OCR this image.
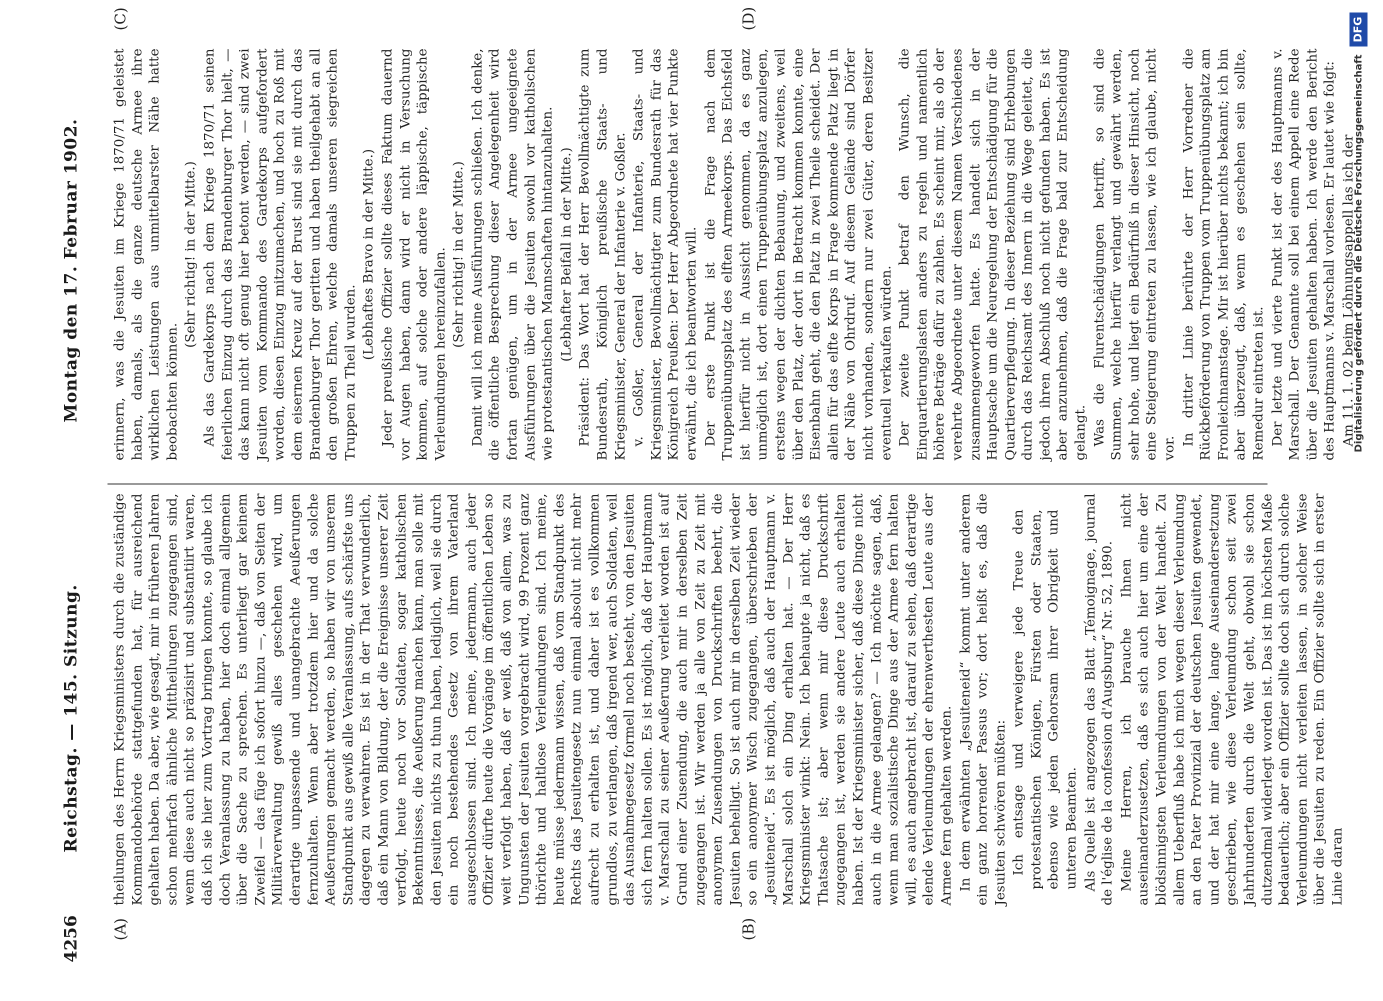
4256
Reichstag. — 145. Sitzung.
Montag den 17. Februar 1902.
(A)	(B)
(C)	(D)

theilungen des Herrn Kriegsministers durch die zuständige Kommandobehörde stattgefunden hat, für ausreichend gehalten haben. Da aber, wie gesagt, mir in früheren Jahren schon mehrfach ähnliche Mittheilungen zugegangen sind, wenn diese auch nicht so präzisirt und substantiirt waren, daß ich sie hier zum Vortrag bringen konnte, so glaube ich doch Veranlassung zu haben, hier doch einmal allgemein über die Sache zu sprechen. Es unterliegt gar keinem Zweifel — das füge ich sofort hinzu —, daß von Seiten der Militärverwaltung gewiß alles geschehen wird, um derartige unpassende und unangebrachte Aeußerungen fernzuhalten. Wenn aber trotzdem hier und da solche Aeußerungen gemacht werden, so haben wir von unserem Standpunkt aus gewiß alle Veranlassung, aufs schärfste uns dagegen zu verwahren. Es ist in der That verwunderlich, daß ein Mann von Bildung, der die Ereignisse unserer Zeit verfolgt, heute noch vor Soldaten, sogar katholischen Bekenntnisses, die Aeußerung machen kann, man solle mit den Jesuiten nichts zu thun haben, lediglich, weil sie durch ein noch bestehendes Gesetz von ihrem Vaterland ausgeschlossen sind. Ich meine, jedermann, auch jeder Offizier dürfte heute die Vorgänge im öffentlichen Leben so weit verfolgt haben, daß er weiß, daß von allem, was zu Ungunsten der Jesuiten vorgebracht wird, 99 Prozent ganz thörichte und haltlose Verleumdungen sind. Ich meine, heute müsse jedermann wissen, daß vom Standpunkt des Rechts das Jesuitengesetz nun einmal absolut nicht mehr aufrecht zu erhalten ist, und daher ist es vollkommen grundlos, zu verlangen, daß irgend wer, auch Soldaten, weil das Ausnahmegesetz formell noch besteht, von den Jesuiten sich fern halten sollen. Es ist möglich, daß der Hauptmann v. Marschall zu seiner Aeußerung verleitet worden ist auf Grund einer Zusendung, die auch mir in derselben Zeit zugegangen ist. Wir werden ja alle von Zeit zu Zeit mit anonymen Zusendungen von Druckschriften beehrt, die Jesuiten behelligt. So ist auch mir in derselben Zeit wieder so ein anonymer Wisch zugegangen, überschrieben der „Jesuiteneid“. Es ist möglich, daß auch der Hauptmann v. Marschall solch ein Ding erhalten hat. — Der Herr Kriegsminister winkt: Nein. Ich behaupte ja nicht, daß es Thatsache ist; aber wenn mir diese Druckschrift zugegangen ist, werden sie andere Leute auch erhalten haben. Ist der Kriegsminister sicher, daß diese Dinge nicht auch in die Armee gelangen? — Ich möchte sagen, daß, wenn man sozialistische Dinge aus der Armee fern halten will, es auch angebracht ist, darauf zu sehen, daß derartige elende Verleumdungen der ehrenwerthesten Leute aus der Armee fern gehalten werden. In dem erwähnten „Jesuiteneid“ kommt unter anderem ein ganz horrender Passus vor; dort heißt es, daß die Jesuiten schwören müßten: Ich entsage und verweigere jede Treue den protestantischen Königen, Fürsten oder Staaten, ebenso wie jeden Gehorsam ihrer Obrigkeit und unteren Beamten. Als Quelle ist angezogen das Blatt „Témoignage, journal de l'église de la confession d'Augsburg“ Nr. 52, 1890. Meine Herren, ich brauche Ihnen nicht auseinanderzusetzen, daß es sich auch hier um eine der blödsinnigsten Verleumdungen von der Welt handelt. Zu allem Ueberfluß habe ich mich wegen dieser Verleumdung an den Pater Provinzial der deutschen Jesuiten gewendet, und der hat mir eine lange, lange Auseinandersetzung geschrieben, wie diese Verleumdung schon seit zwei Jahrhunderten durch die Welt geht, obwohl sie schon dutzendmal widerlegt worden ist. Das ist im höchsten Maße bedauerlich; aber ein Offizier sollte doch sich durch solche Verleumdungen nicht verleiten lassen, in solcher Weise über die Jesuiten zu reden. Ein Offizier sollte sich in erster Linie daran

erinnern, was die Jesuiten im Kriege 1870/71 geleistet haben, damals, als die ganze deutsche Armee ihre wirklichen Leistungen aus unmittelbarster Nähe hatte beobachten können.

(Sehr richtig! in der Mitte.) Als das Gardekorps nach dem Kriege 1870/71 seinen feierlichen Einzug durch das Brandenburger Thor hielt, — das kann nicht oft genug hier betont werden, — sind zwei Jesuiten vom Kommando des Gardekorps aufgefordert worden, diesen Einzug mitzumachen, und hoch zu Roß mit dem eisernen Kreuz auf der Brust sind sie mit durch das Brandenburger Thor geritten und haben theilgehabt an all den großen Ehren, welche damals unseren siegreichen Truppen zu Theil wurden.

(Lebhaftes Bravo in der Mitte.) Jeder preußische Offizier sollte dieses Faktum dauernd vor Augen haben, dann wird er nicht in Versuchung kommen, auf solche oder andere läppische, täppische Verleumdungen hereinzufallen. (Sehr richtig! in der Mitte.) Damit will ich meine Ausführungen schließen. Ich denke, die öffentliche Besprechung dieser Angelegenheit wird fortan genügen, um in der Armee ungeeignete Ausführungen über die Jesuiten sowohl vor katholischen wie protestantischen Mannschaften hintanzuhalten. (Lebhafter Beifall in der Mitte.) Präsident: Das Wort hat der Herr Bevollmächtigte zum Bundesrath, Königlich preußische Staats- und Kriegsminister, General der Infanterie v. Goßler. v. Goßler, General der Infanterie, Staats- und Kriegsminister, Bevollmächtigter zum Bundesrath für das Königreich Preußen: Der Herr Abgeordnete hat vier Punkte erwähnt, die ich beantworten will. Der erste Punkt ist die Frage nach dem Truppenübungsplatz des elften Armeekorps. Das Eichsfeld ist hierfür nicht in Aussicht genommen, da es ganz unmöglich ist, dort einen Truppenübungsplatz anzulegen, erstens wegen der dichten Bebauung, und zweitens, weil über den Platz, der dort in Betracht kommen konnte, eine Eisenbahn geht, die den Platz in zwei Theile scheidet. Der allein für das elfte Korps in Frage kommende Platz liegt in der Nähe von Ohrdruf. Auf diesem Gelände sind Dörfer nicht vorhanden, sondern nur zwei Güter, deren Besitzer eventuell verkaufen würden. Der zweite Punkt betraf den Wunsch, die Einquartierungslasten anders zu regeln und namentlich höhere Beträge dafür zu zahlen. Es scheint mir, als ob der verehrte Abgeordnete unter diesem Namen Verschiedenes zusammengeworfen hatte. Es handelt sich in der Hauptsache um die Neuregelung der Entschädigung für die Quartierverpflegung. In dieser Beziehung sind Erhebungen durch das Reichsamt des Innern in die Wege geleitet, die jedoch ihren Abschluß noch nicht gefunden haben. Es ist aber anzunehmen, daß die Frage bald zur Entscheidung gelangt. Was die Flurentschädigungen betrifft, so sind die Summen, welche hierfür verlangt und gewährt werden, sehr hohe, und liegt ein Bedürfniß in dieser Hinsicht, noch eine Steigerung eintreten zu lassen, wie ich glaube, nicht vor.

In dritter Linie berührte der Herr Vorredner die Rückbeförderung von Truppen vom Truppenübungsplatz am Fronleichnamstage. Mir ist hierüber nichts bekannt; ich bin aber überzeugt, daß, wenn es geschehen sein sollte, Remedur eintreten ist. Der letzte und vierte Punkt ist der des Hauptmanns v. Marschall. Der Genannte soll bei einem Appell eine Rede über die Jesuiten gehalten haben. Ich werde den Bericht des Hauptmanns v. Marschall vorlesen. Er lautet wie folgt: Am 11. 1. 02 beim Löhnungsappell las ich der

Digitalisierung gefördert durch die Deutsche Forschungsgemeinschaft
DFG
